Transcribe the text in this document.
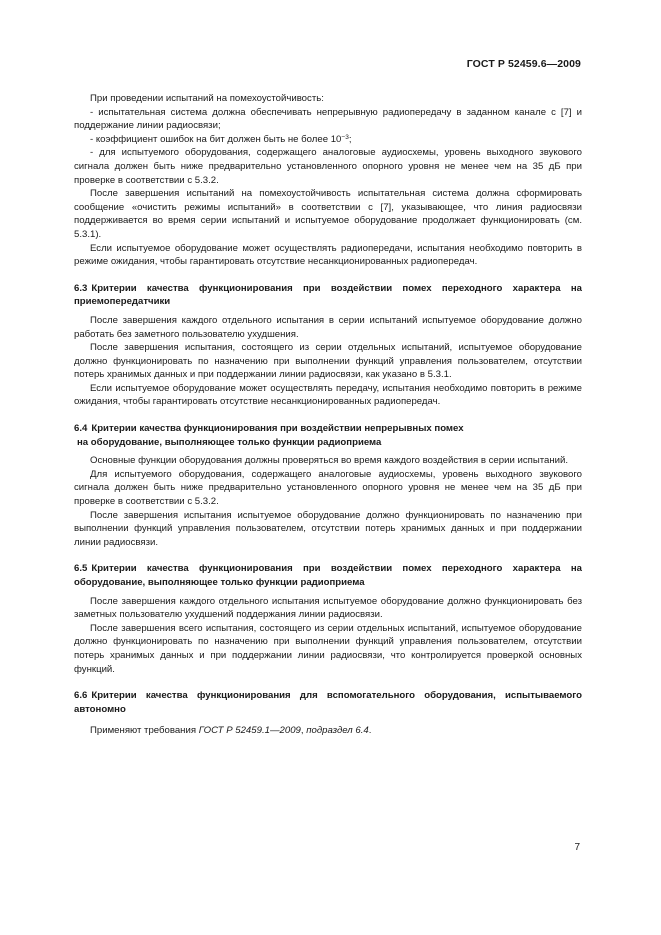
ГОСТ Р 52459.6—2009

При проведении испытаний на помехоустойчивость:

- испытательная система должна обеспечивать непрерывную радиопередачу в заданном канале с [7] и поддержание линии радиосвязи;

- коэффициент ошибок на бит должен быть не более $10^{-3}$;

- для испытуемого оборудования, содержащего аналоговые аудиосхемы, уровень выходного звукового сигнала должен быть ниже предварительно установленного опорного уровня не менее чем на 35 дБ при проверке в соответствии с 5.3.2.

После завершения испытаний на помехоустойчивость испытательная система должна сформировать сообщение «очистить режимы испытаний» в соответствии с [7], указывающее, что линия радиосвязи поддерживается во время серии испытаний и испытуемое оборудование продолжает функционировать (см. 5.3.1).

Если испытуемое оборудование может осуществлять радиопередачи, испытания необходимо повторить в режиме ожидания, чтобы гарантировать отсутствие несанкционированных радиопередач.

6.3 Критерии качества функционирования при воздействии помех переходного характера на приемопередатчики

После завершения каждого отдельного испытания в серии испытаний испытуемое оборудование должно работать без заметного пользователю ухудшения.

После завершения испытания, состоящего из серии отдельных испытаний, испытуемое оборудование должно функционировать по назначению при выполнении функций управления пользователем, отсутствии потерь хранимых данных и при поддержании линии радиосвязи, как указано в 5.3.1.

Если испытуемое оборудование может осуществлять передачу, испытания необходимо повторить в режиме ожидания, чтобы гарантировать отсутствие несанкционированных радиопередач.

6.4 Критерии качества функционирования при воздействии непрерывных помех
на оборудование, выполняющее только функции радиоприема

Основные функции оборудования должны проверяться во время каждого воздействия в серии испытаний.

Для испытуемого оборудования, содержащего аналоговые аудиосхемы, уровень выходного звукового сигнала должен быть ниже предварительно установленного опорного уровня не менее чем на 35 дБ при проверке в соответствии с 5.3.2.

После завершения испытания испытуемое оборудование должно функционировать по назначению при выполнении функций управления пользователем, отсутствии потерь хранимых данных и при поддержании линии радиосвязи.

6.5 Критерии качества функционирования при воздействии помех переходного характера на оборудование, выполняющее только функции радиоприема

После завершения каждого отдельного испытания испытуемое оборудование должно функционировать без заметных пользователю ухудшений поддержания линии радиосвязи.

После завершения всего испытания, состоящего из серии отдельных испытаний, испытуемое оборудование должно функционировать по назначению при выполнении функций управления пользователем, отсутствии потерь хранимых данных и при поддержании линии радиосвязи, что контролируется проверкой основных функций.

6.6 Критерии качества функционирования для вспомогательного оборудования, испытываемого автономно

Применяют требования ГОСТ Р 52459.1—2009, подраздел 6.4.

7
